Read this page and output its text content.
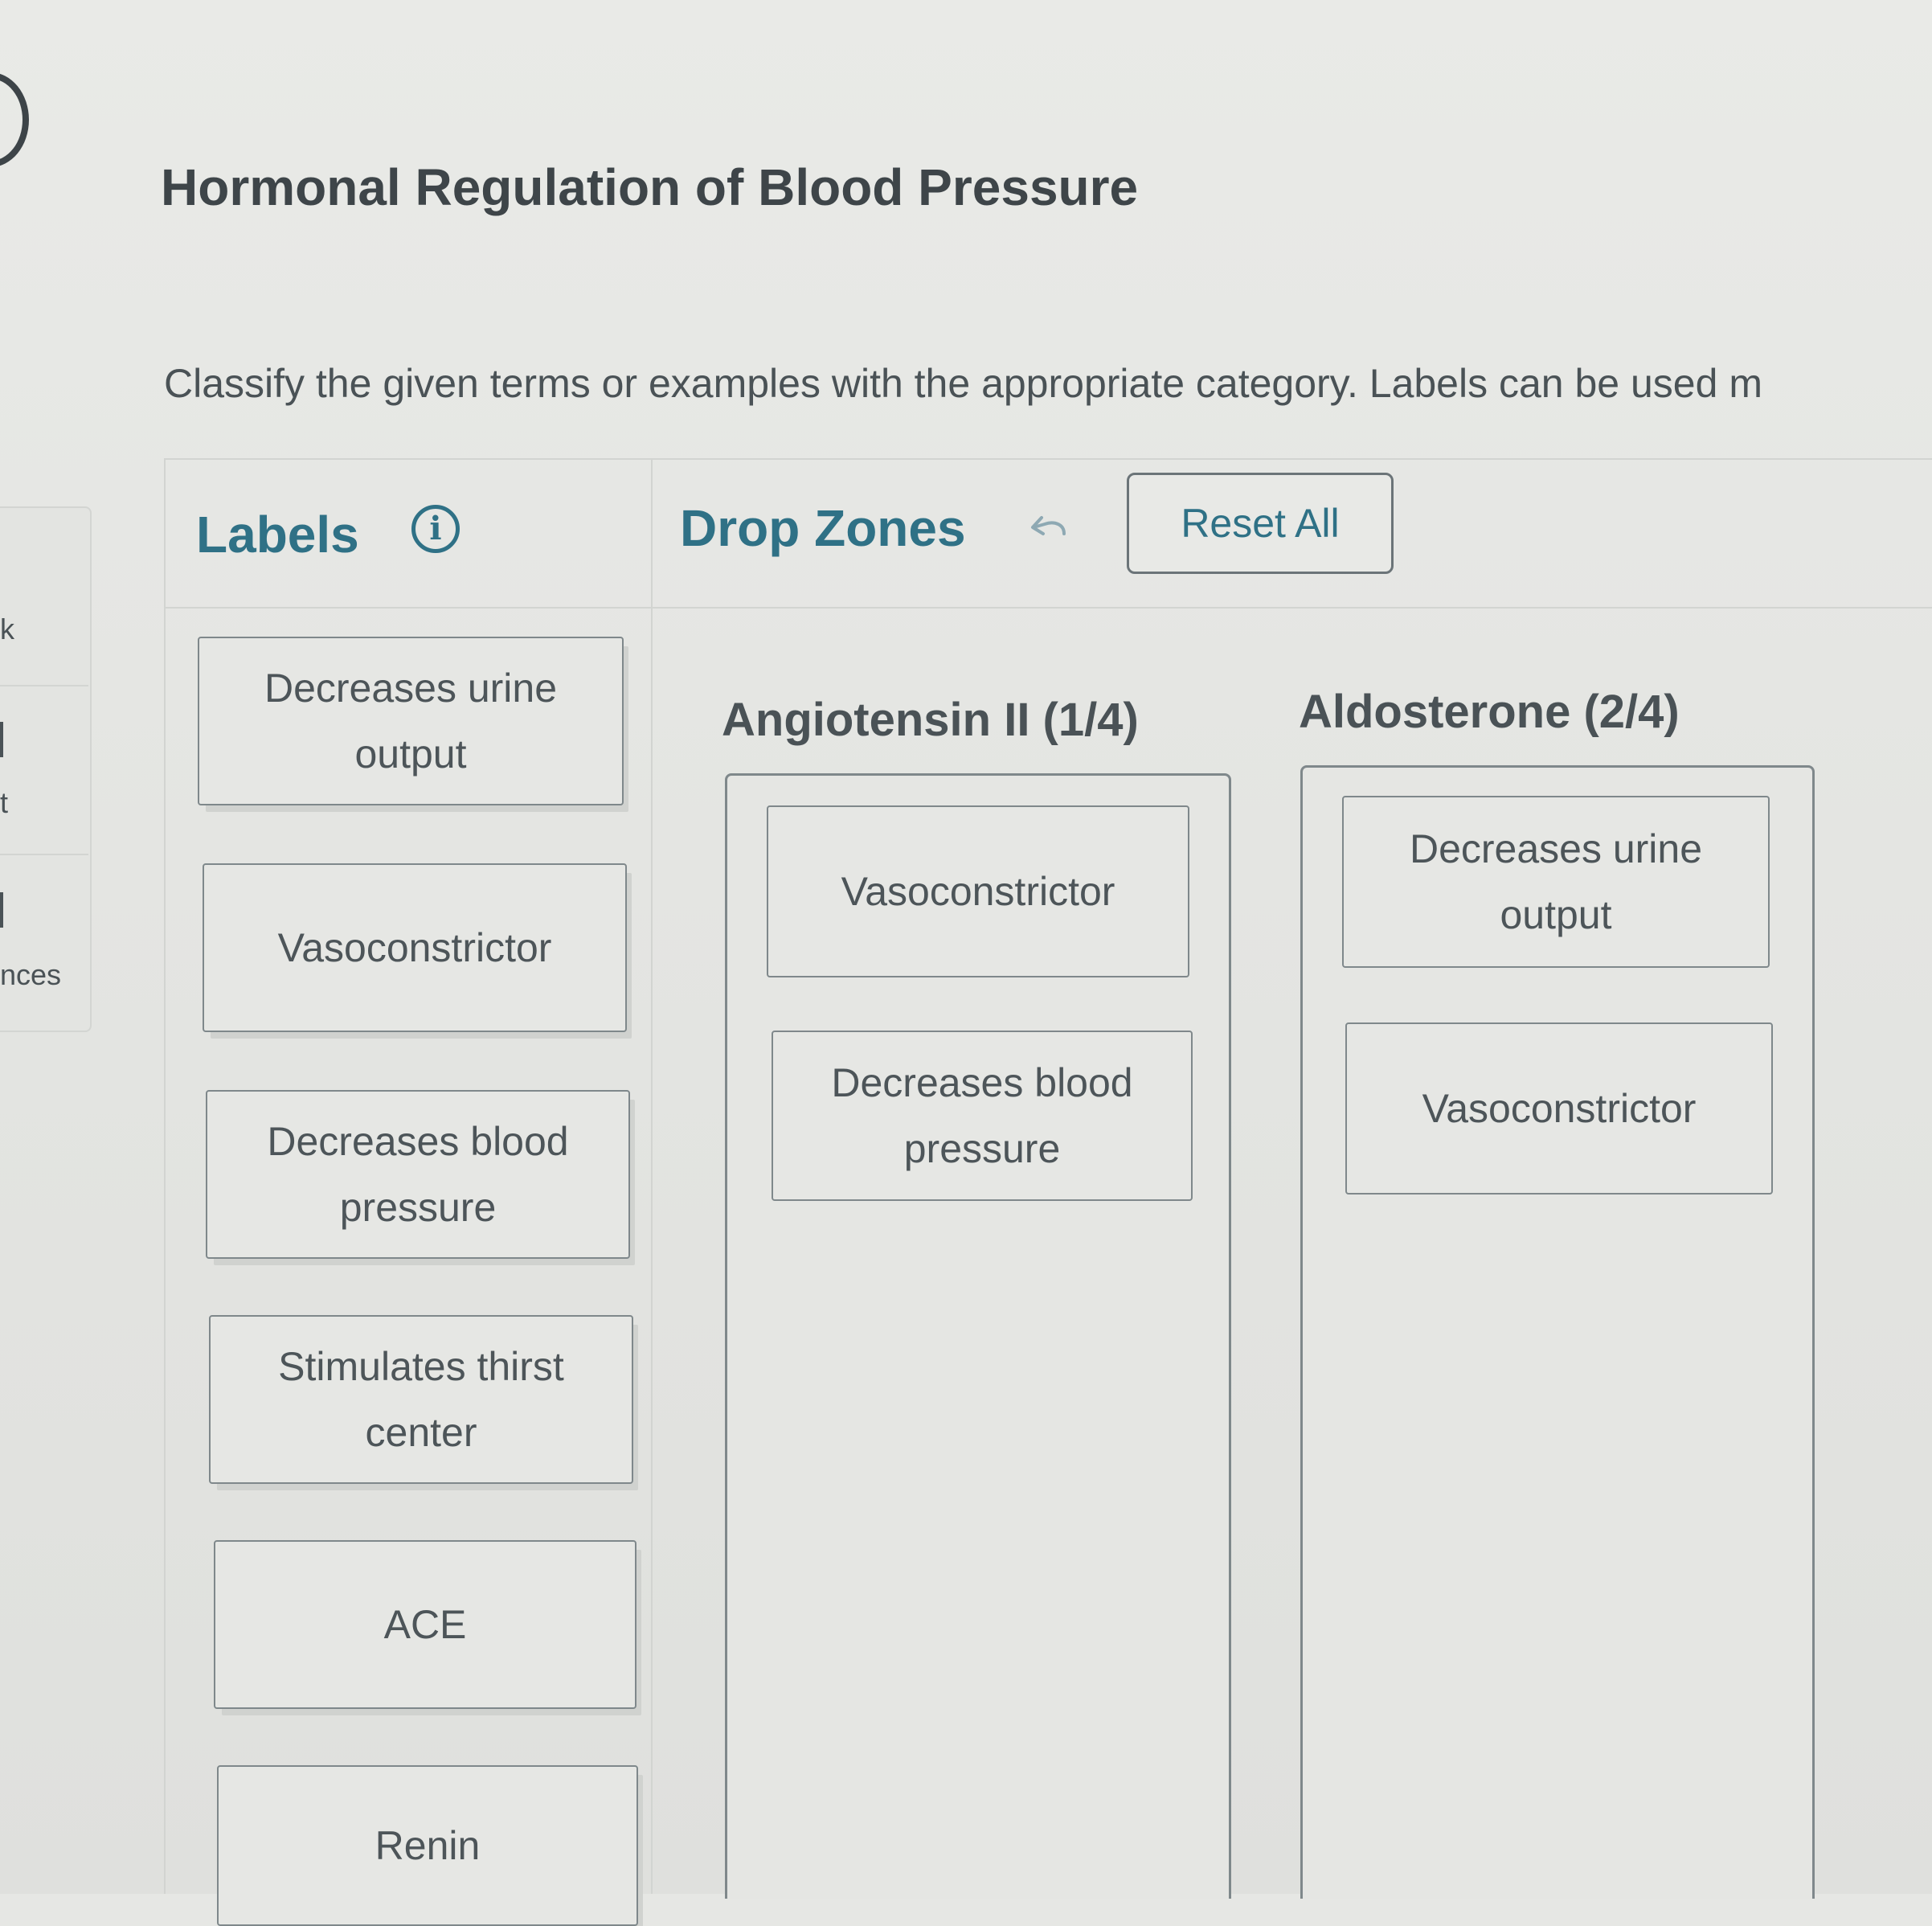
k
t
nces
Hormonal Regulation of Blood Pressure
Classify the given terms or examples with the appropriate category. Labels can be used m
Labels	i	Drop Zones	Reset All
Decreases urine output
Vasoconstrictor
Decreases blood pressure
Stimulates thirst center
ACE
Renin
Angiotensin II (1/4)
Vasoconstrictor
Decreases blood pressure
Aldosterone (2/4)
Decreases urine output
Vasoconstrictor
